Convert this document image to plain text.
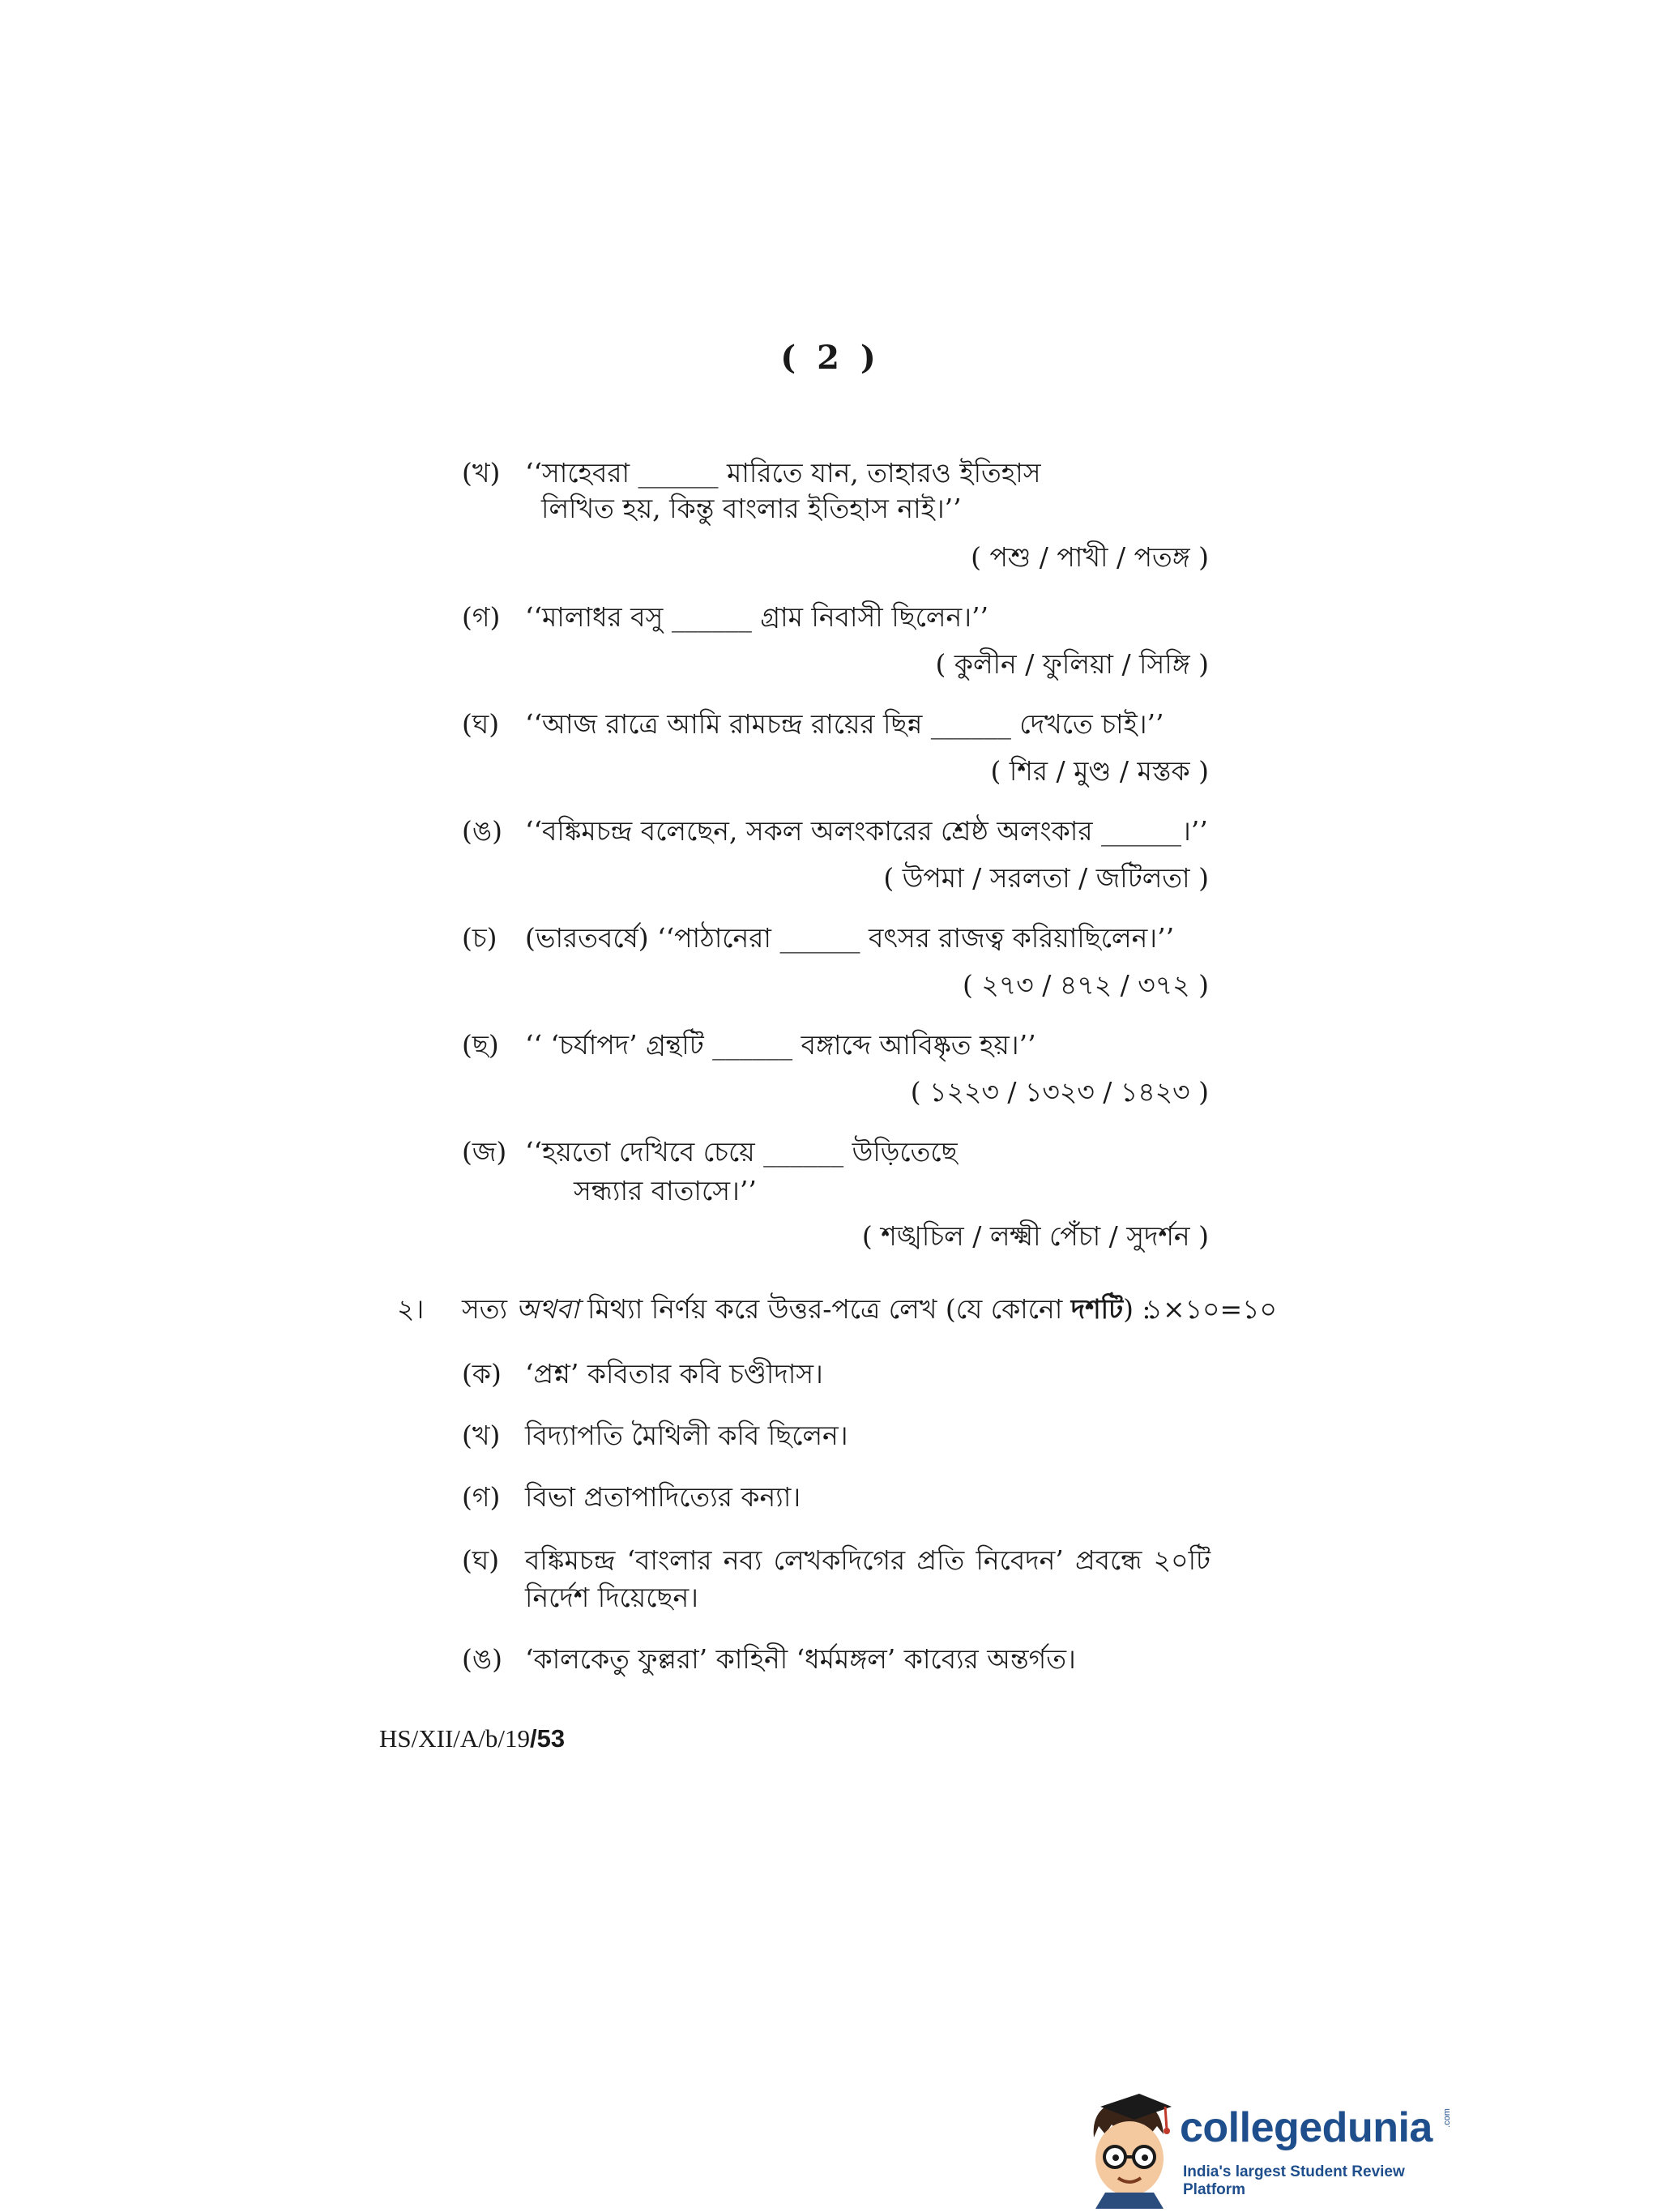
( 2 )
(খ) ‘‘সাহেবরা ______ মারিতে যান, তাহারও ইতিহাস
লিখিত হয়, কিন্তু বাংলার ইতিহাস নাই।’’
( পশু / পাখী / পতঙ্গ )
(গ) ‘‘মালাধর বসু ______ গ্রাম নিবাসী ছিলেন।’’
( কুলীন / ফুলিয়া / সিঙ্গি )
(ঘ) ‘‘আজ রাত্রে আমি রামচন্দ্র রায়ের ছিন্ন ______ দেখতে চাই।’’
( শির / মুণ্ড / মস্তক )
(ঙ) ‘‘বঙ্কিমচন্দ্র বলেছেন, সকল অলংকারের শ্রেষ্ঠ অলংকার ______।’’
( উপমা / সরলতা / জটিলতা )
(চ) (ভারতবর্ষে) ‘‘পাঠানেরা ______ বৎসর রাজত্ব করিয়াছিলেন।’’
( ২৭৩ / ৪৭২ / ৩৭২ )
(ছ) ‘‘ ‘চর্যাপদ’ গ্রন্থটি ______ বঙ্গাব্দে আবিষ্কৃত হয়।’’
( ১২২৩ / ১৩২৩ / ১৪২৩ )
(জ) ‘‘হয়তো দেখিবে চেয়ে ______ উড়িতেছে
সন্ধ্যার বাতাসে।’’
( শঙ্খচিল / লক্ষ্মী পেঁচা / সুদর্শন )
২। সত্য অথবা মিথ্যা নির্ণয় করে উত্তর-পত্রে লেখ (যে কোনো দশটি) :
১×১০=১০
(ক) ‘প্রশ্ন’ কবিতার কবি চণ্ডীদাস।
(খ) বিদ্যাপতি মৈথিলী কবি ছিলেন।
(গ) বিভা প্রতাপাদিত্যের কন্যা।
(ঘ) বঙ্কিমচন্দ্র ‘বাংলার নব্য লেখকদিগের প্রতি নিবেদন’ প্রবন্ধে ২০টি
নির্দেশ দিয়েছেন।
(ঙ) ‘কালকেতু ফুল্লরা’ কাহিনী ‘ধর্মমঙ্গল’ কাব্যের অন্তর্গত।
HS/XII/A/b/19/53
collegedunia .com
India's largest Student Review Platform
